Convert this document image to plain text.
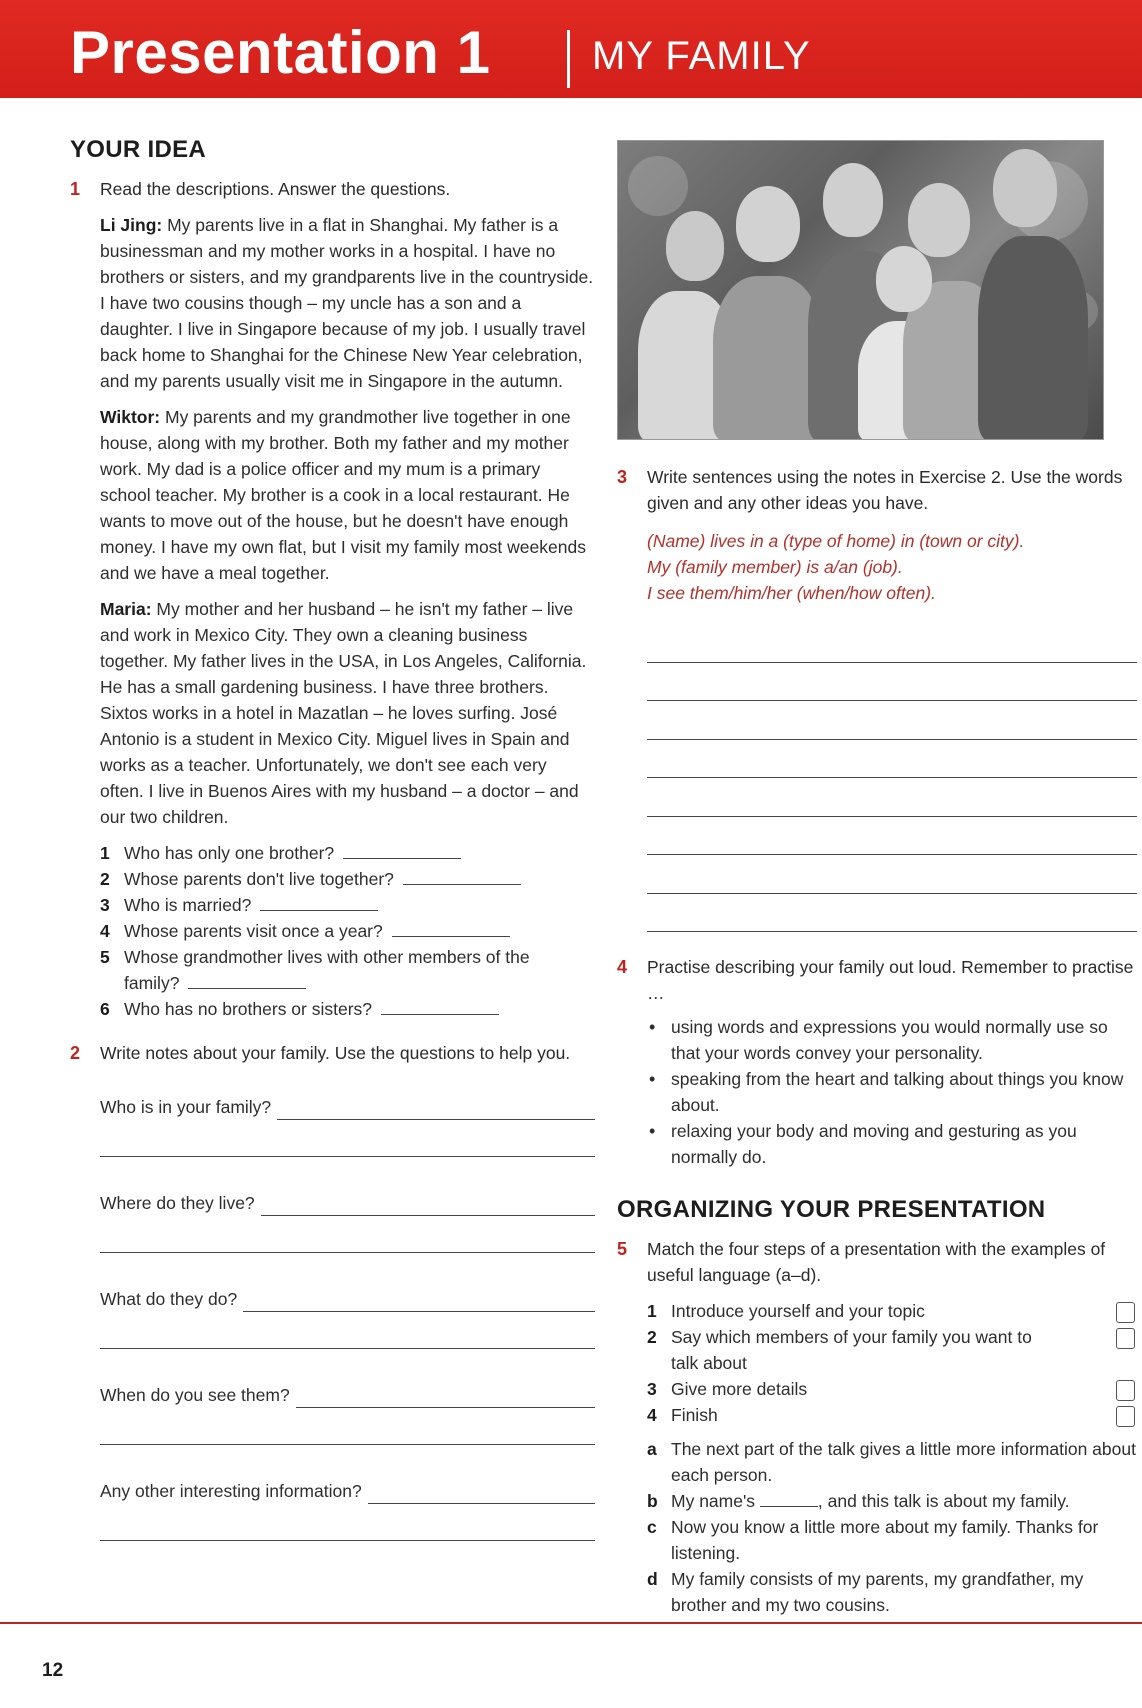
Presentation 1	MY FAMILY
YOUR IDEA
1 Read the descriptions. Answer the questions.
Li Jing: My parents live in a flat in Shanghai. My father is a businessman and my mother works in a hospital. I have no brothers or sisters, and my grandparents live in the countryside. I have two cousins though – my uncle has a son and a daughter. I live in Singapore because of my job. I usually travel back home to Shanghai for the Chinese New Year celebration, and my parents usually visit me in Singapore in the autumn.
Wiktor: My parents and my grandmother live together in one house, along with my brother. Both my father and my mother work. My dad is a police officer and my mum is a primary school teacher. My brother is a cook in a local restaurant. He wants to move out of the house, but he doesn't have enough money. I have my own flat, but I visit my family most weekends and we have a meal together.
Maria: My mother and her husband – he isn't my father – live and work in Mexico City. They own a cleaning business together. My father lives in the USA, in Los Angeles, California. He has a small gardening business. I have three brothers. Sixtos works in a hotel in Mazatlan – he loves surfing. José Antonio is a student in Mexico City. Miguel lives in Spain and works as a teacher. Unfortunately, we don't see each very often. I live in Buenos Aires with my husband – a doctor – and our two children.
1 Who has only one brother?
2 Whose parents don't live together?
3 Who is married?
4 Whose parents visit once a year?
5 Whose grandmother lives with other members of the family?
6 Who has no brothers or sisters?
2 Write notes about your family. Use the questions to help you.
Who is in your family?
Where do they live?
What do they do?
When do you see them?
Any other interesting information?
3 Write sentences using the notes in Exercise 2. Use the words given and any other ideas you have.
(Name) lives in a (type of home) in (town or city).
My (family member) is a/an (job).
I see them/him/her (when/how often).
4 Practise describing your family out loud. Remember to practise …
• using words and expressions you would normally use so that your words convey your personality.
• speaking from the heart and talking about things you know about.
• relaxing your body and moving and gesturing as you normally do.
ORGANIZING YOUR PRESENTATION
5 Match the four steps of a presentation with the examples of useful language (a–d).
1 Introduce yourself and your topic
2 Say which members of your family you want to talk about
3 Give more details
4 Finish
a The next part of the talk gives a little more information about each person.
b My name's	, and this talk is about my family.
c Now you know a little more about my family. Thanks for listening.
d My family consists of my parents, my grandfather, my brother and my two cousins.
12
